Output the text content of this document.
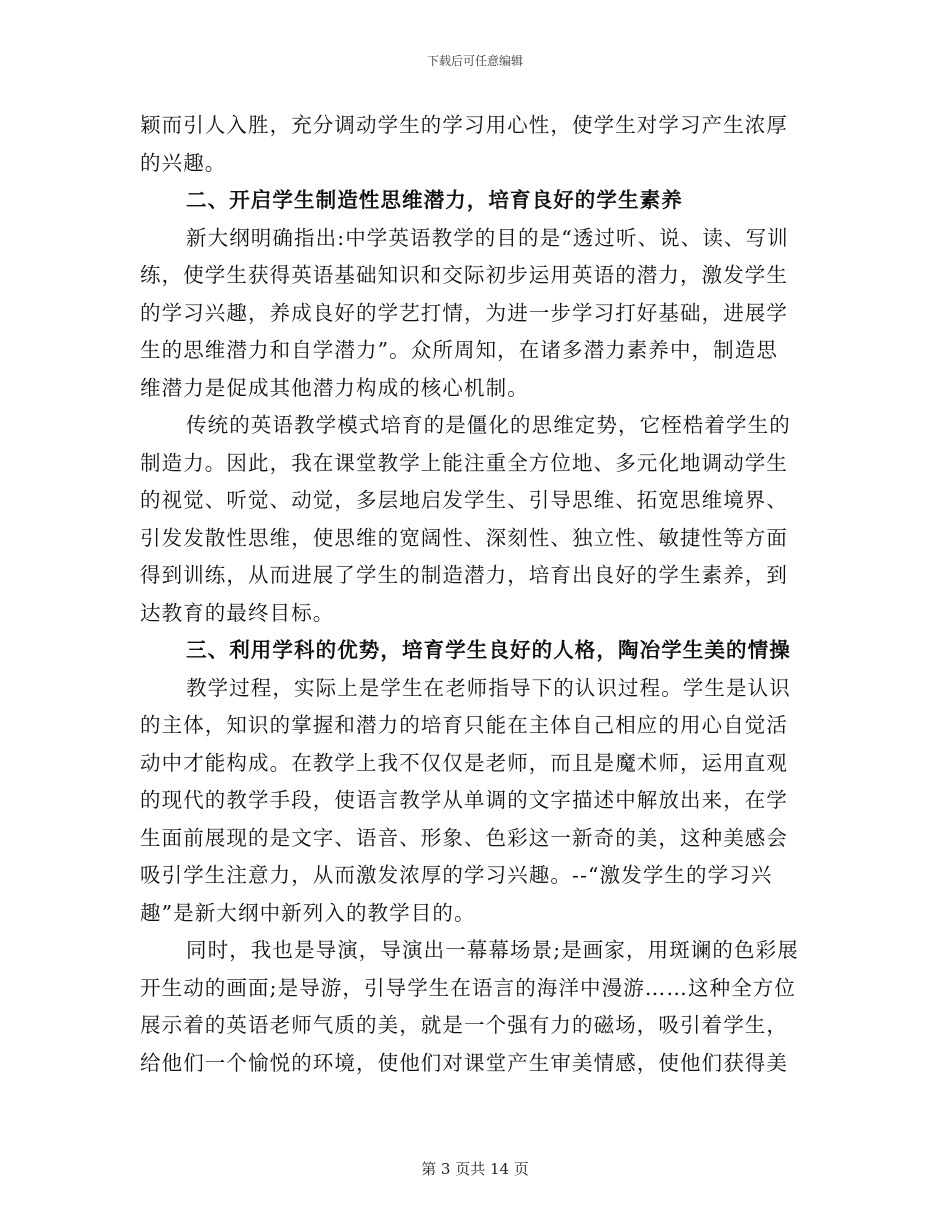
下载后可任意编辑
颖而引人入胜，充分调动学生的学习用心性，使学生对学习产生浓厚
的兴趣。
二、开启学生制造性思维潜力，培育良好的学生素养
新大纲明确指出:中学英语教学的目的是“透过听、说、读、写训
练，使学生获得英语基础知识和交际初步运用英语的潜力，激发学生
的学习兴趣，养成良好的学艺打情，为进一步学习打好基础，进展学
生的思维潜力和自学潜力”。众所周知，在诸多潜力素养中，制造思
维潜力是促成其他潜力构成的核心机制。
传统的英语教学模式培育的是僵化的思维定势，它桎梏着学生的
制造力。因此，我在课堂教学上能注重全方位地、多元化地调动学生
的视觉、听觉、动觉，多层地启发学生、引导思维、拓宽思维境界、
引发发散性思维，使思维的宽阔性、深刻性、独立性、敏捷性等方面
得到训练，从而进展了学生的制造潜力，培育出良好的学生素养，到
达教育的最终目标。
三、利用学科的优势，培育学生良好的人格，陶冶学生美的情操
教学过程，实际上是学生在老师指导下的认识过程。学生是认识
的主体，知识的掌握和潜力的培育只能在主体自己相应的用心自觉活
动中才能构成。在教学上我不仅仅是老师，而且是魔术师，运用直观
的现代的教学手段，使语言教学从单调的文字描述中解放出来，在学
生面前展现的是文字、语音、形象、色彩这一新奇的美，这种美感会
吸引学生注意力，从而激发浓厚的学习兴趣。--“激发学生的学习兴
趣”是新大纲中新列入的教学目的。
同时，我也是导演，导演出一幕幕场景;是画家，用斑谰的色彩展
开生动的画面;是导游，引导学生在语言的海洋中漫游……这种全方位
展示着的英语老师气质的美，就是一个强有力的磁场，吸引着学生，
给他们一个愉悦的环境，使他们对课堂产生审美情感，使他们获得美
第 3 页共 14 页
